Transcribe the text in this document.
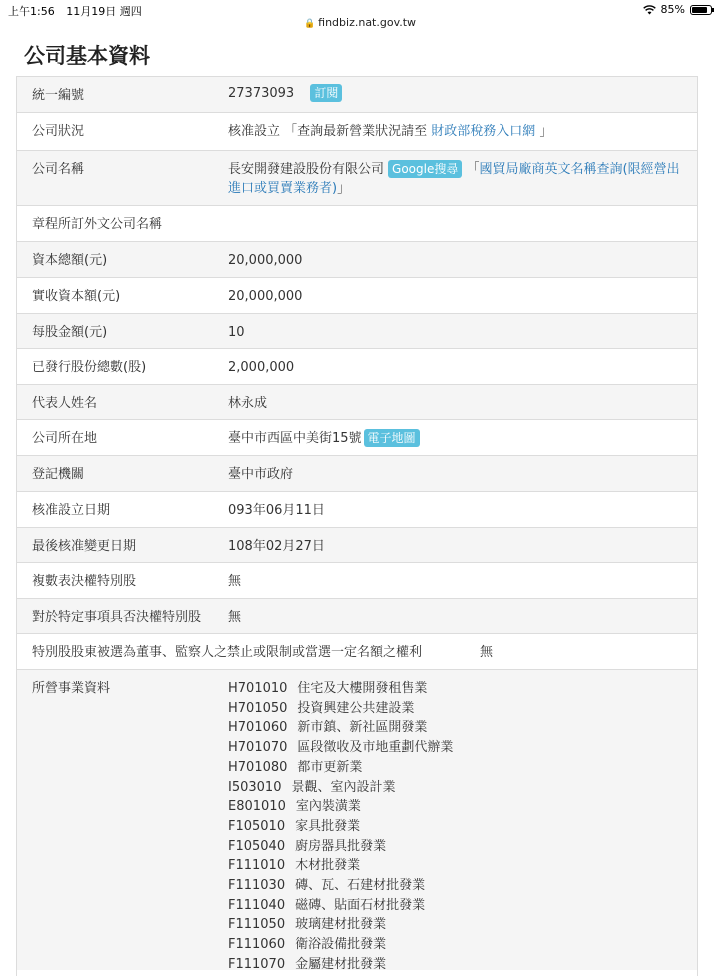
上午1:56 11月19日 週四	85%
🔒 findbiz.nat.gov.tw
公司基本資料
統一編號	27373093 訂閱
公司狀況	核准設立 「查詢最新營業狀況請至 財政部稅務入口網 」
公司名稱	長安開發建設股份有限公司 Google搜尋 「國貿局廠商英文名稱查詢(限經營出進口或買賣業務者)」
章程所訂外文公司名稱
資本總額(元)	20,000,000
實收資本額(元)	20,000,000
每股金額(元)	10
已發行股份總數(股)	2,000,000
代表人姓名	林永成
公司所在地	臺中市西區中美街15號 電子地圖
登記機關	臺中市政府
核准設立日期	093年06月11日
最後核准變更日期	108年02月27日
複數表決權特別股	無
對於特定事項具否決權特別股 無
特別股股東被選為董事、監察人之禁止或限制或當選一定名額之權利	無
所營事業資料	H701010 住宅及大樓開發租售業
H701050 投資興建公共建設業
H701060 新市鎮、新社區開發業
H701070 區段徵收及市地重劃代辦業
H701080 都市更新業
I503010 景觀、室內設計業
E801010 室內裝潢業
F105010 家具批發業
F105040 廚房器具批發業
F111010 木材批發業
F111030 磚、瓦、石建材批發業
F111040 磁磚、貼面石材批發業
F111050 玻璃建材批發業
F111060 衛浴設備批發業
F111070 金屬建材批發業
